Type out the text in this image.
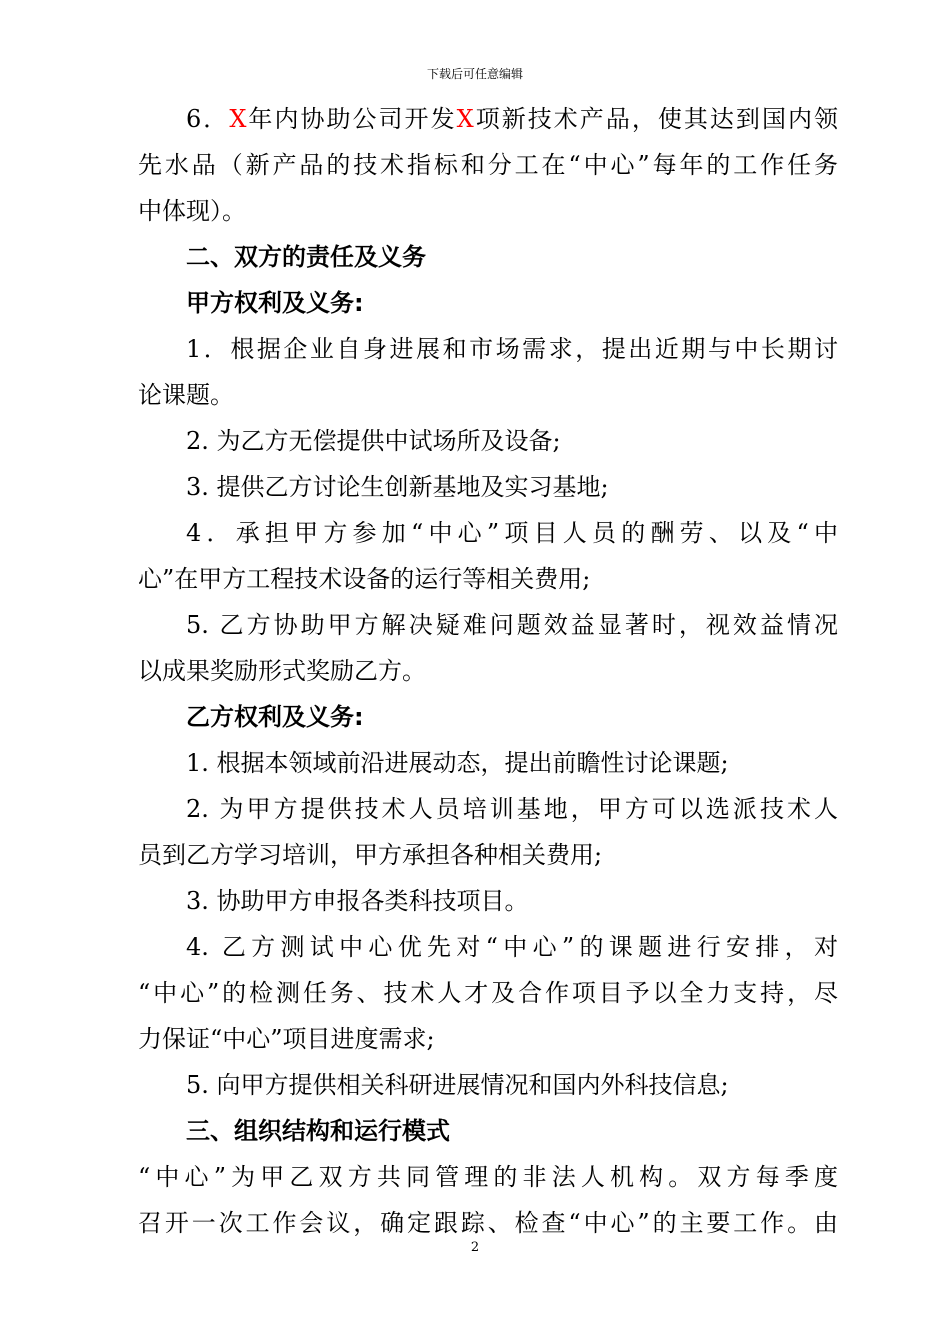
下载后可任意编辑
6．X年内协助公司开发X项新技术产品，使其达到国内领
先水品（新产品的技术指标和分工在“中心”每年的工作任务
中体现）。
二、双方的责任及义务
甲方权利及义务:
1．根据企业自身进展和市场需求，提出近期与中长期讨
论课题。
2. 为乙方无偿提供中试场所及设备;
3. 提供乙方讨论生创新基地及实习基地;
4．承担甲方参加“中心”项目人员的酬劳、以及“中
心”在甲方工程技术设备的运行等相关费用;
5. 乙方协助甲方解决疑难问题效益显著时，视效益情况
以成果奖励形式奖励乙方。
乙方权利及义务:
1. 根据本领域前沿进展动态，提出前瞻性讨论课题;
2. 为甲方提供技术人员培训基地，甲方可以选派技术人
员到乙方学习培训，甲方承担各种相关费用;
3. 协助甲方申报各类科技项目。
4. 乙方测试中心优先对“中心”的课题进行安排，对
“中心”的检测任务、技术人才及合作项目予以全力支持，尽
力保证“中心”项目进度需求;
5. 向甲方提供相关科研进展情况和国内外科技信息;
三、组织结构和运行模式
“中心”为甲乙双方共同管理的非法人机构。双方每季度
召开一次工作会议，确定跟踪、检查“中心”的主要工作。由
2
